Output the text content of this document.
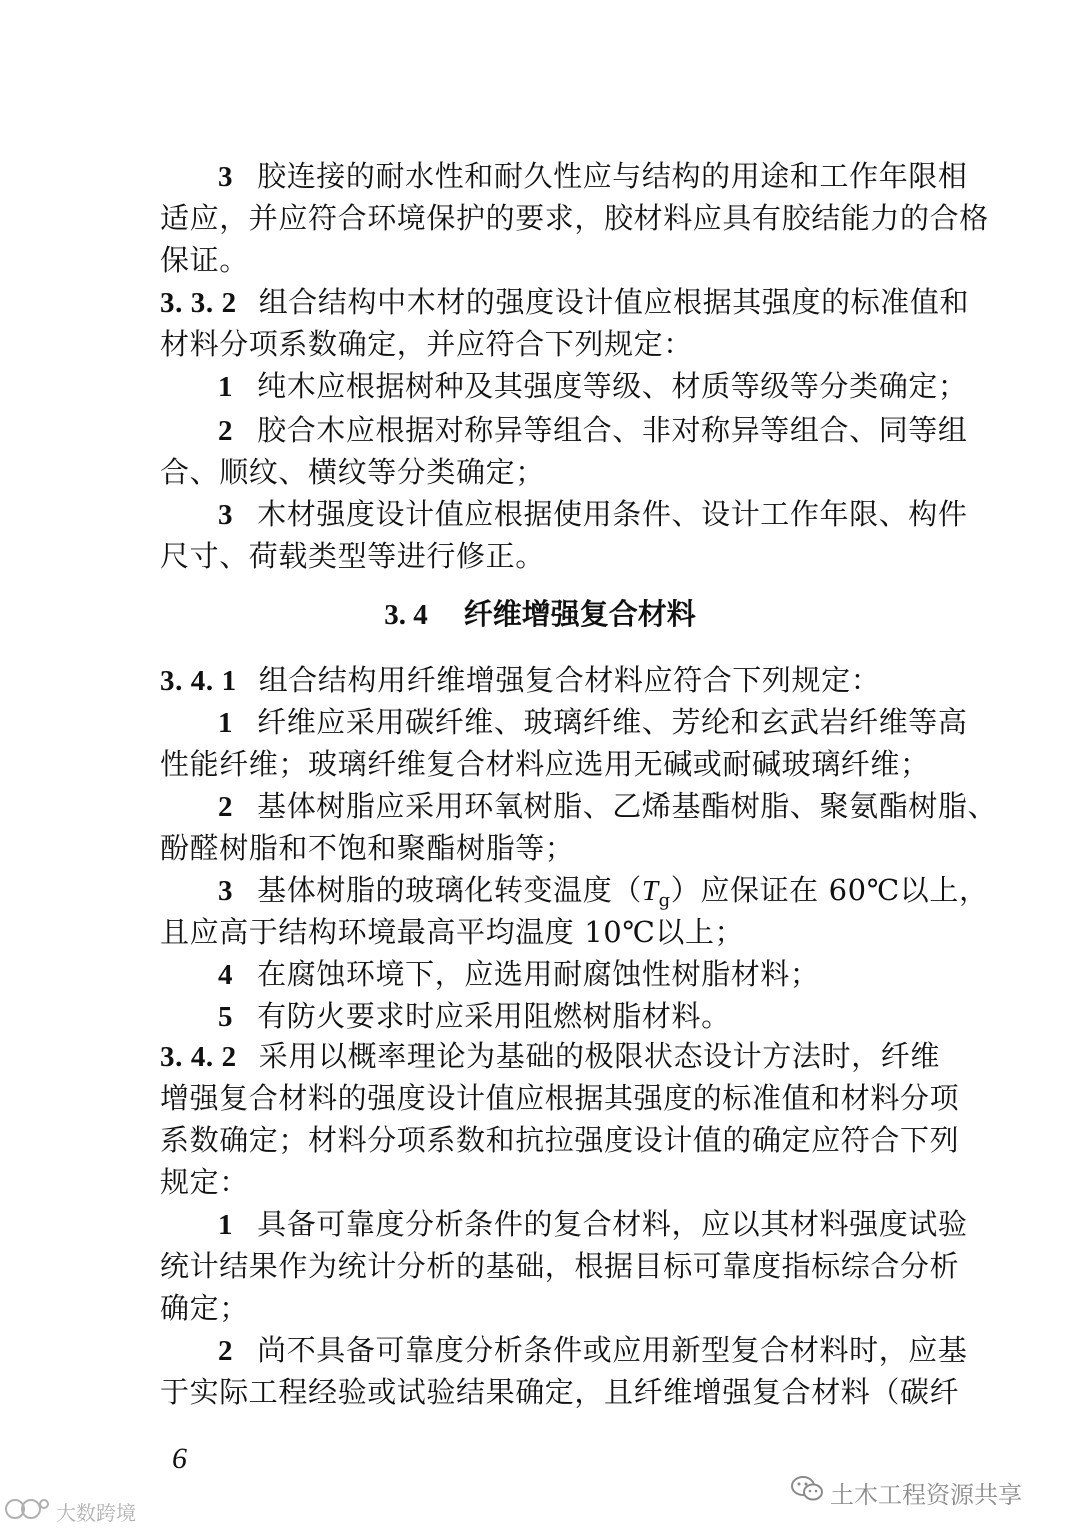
3 胶连接的耐水性和耐久性应与结构的用途和工作年限相
适应，并应符合环境保护的要求，胶材料应具有胶结能力的合格
保证。
3. 3. 2 组合结构中木材的强度设计值应根据其强度的标准值和
材料分项系数确定，并应符合下列规定：
1 纯木应根据树种及其强度等级、材质等级等分类确定；
2 胶合木应根据对称异等组合、非对称异等组合、同等组
合、顺纹、横纹等分类确定；
3 木材强度设计值应根据使用条件、设计工作年限、构件
尺寸、荷载类型等进行修正。
3. 4 纤维增强复合材料
3. 4. 1 组合结构用纤维增强复合材料应符合下列规定：
1 纤维应采用碳纤维、玻璃纤维、芳纶和玄武岩纤维等高
性能纤维；玻璃纤维复合材料应选用无碱或耐碱玻璃纤维；
2 基体树脂应采用环氧树脂、乙烯基酯树脂、聚氨酯树脂、
酚醛树脂和不饱和聚酯树脂等；
3 基体树脂的玻璃化转变温度$(T_g)$应保证在 60℃以上，
且应高于结构环境最高平均温度 10℃以上；
4 在腐蚀环境下，应选用耐腐蚀性树脂材料；
5 有防火要求时应采用阻燃树脂材料。
3. 4. 2 采用以概率理论为基础的极限状态设计方法时，纤维
增强复合材料的强度设计值应根据其强度的标准值和材料分项
系数确定；材料分项系数和抗拉强度设计值的确定应符合下列
规定：
1 具备可靠度分析条件的复合材料，应以其材料强度试验
统计结果作为统计分析的基础，根据目标可靠度指标综合分析
确定；
2 尚不具备可靠度分析条件或应用新型复合材料时，应基
于实际工程经验或试验结果确定，且纤维增强复合材料（碳纤
6
土木工程资源共享
大数跨境
